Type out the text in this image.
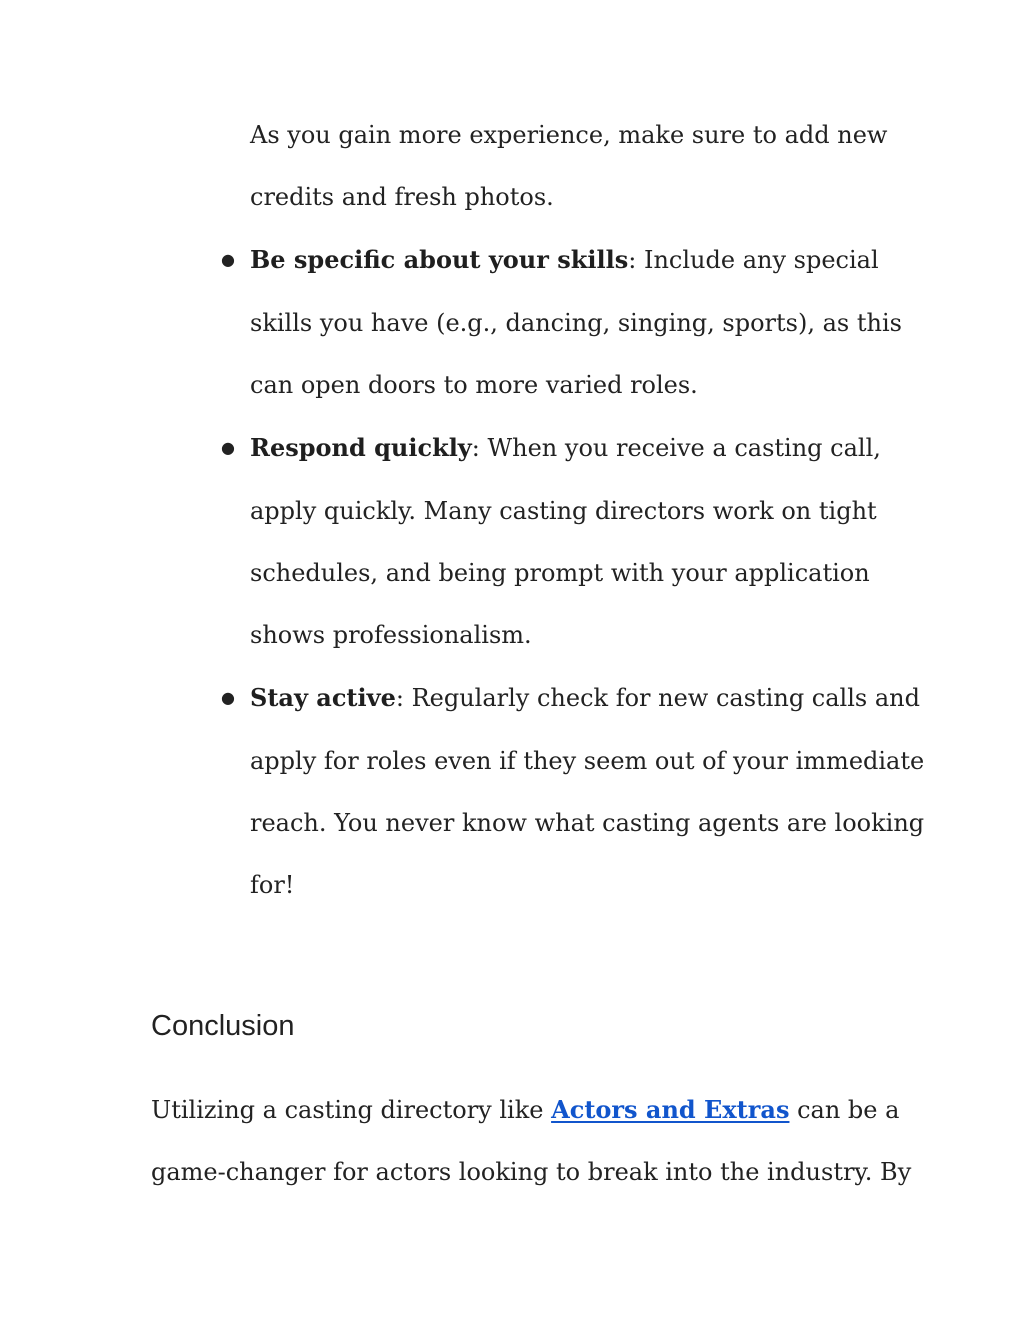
As you gain more experience, make sure to add new
credits and fresh photos.
● Be specific about your skills: Include any special
skills you have (e.g., dancing, singing, sports), as this
can open doors to more varied roles.
● Respond quickly: When you receive a casting call,
apply quickly. Many casting directors work on tight
schedules, and being prompt with your application
shows professionalism.
● Stay active: Regularly check for new casting calls and
apply for roles even if they seem out of your immediate
reach. You never know what casting agents are looking
for!
Conclusion
Utilizing a casting directory like Actors and Extras can be a
game-changer for actors looking to break into the industry. By
